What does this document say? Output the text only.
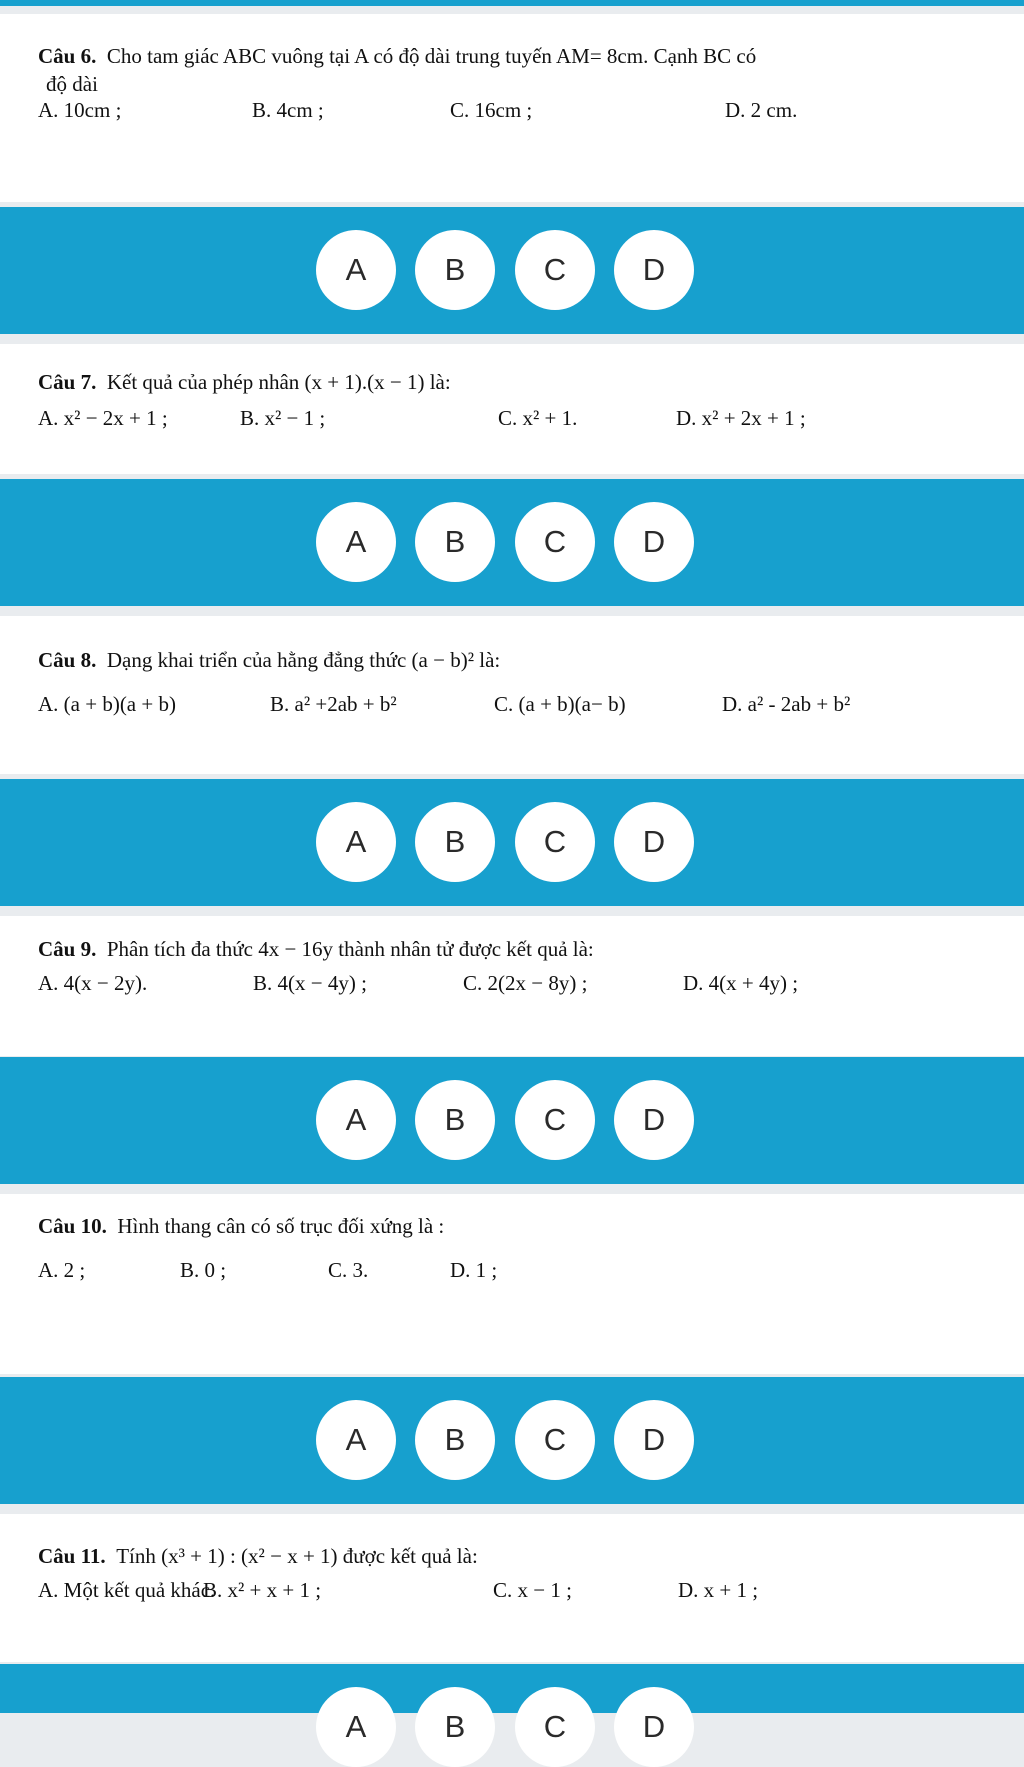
Câu 6. Cho tam giác ABC vuông tại A có độ dài trung tuyến AM= 8cm. Cạnh BC có
độ dài
A. 10cm ;	B. 4cm ;	C. 16cm ;	D. 2 cm.
A	B	C	D
Câu 7. Kết quả của phép nhân (x + 1).(x − 1) là:
A. x² − 2x + 1 ;	B. x² − 1 ;	C. x² + 1.	D. x² + 2x + 1 ;
A	B	C	D
Câu 8. Dạng khai triển của hằng đẳng thức (a − b)² là:
A. (a + b)(a + b)	B. a² +2ab + b²	C. (a + b)(a− b)	D. a² - 2ab + b²
A	B	C	D
Câu 9. Phân tích đa thức 4x − 16y thành nhân tử được kết quả là:
A. 4(x − 2y).	B. 4(x − 4y) ;	C. 2(2x − 8y) ;	D. 4(x + 4y) ;
A	B	C	D
Câu 10. Hình thang cân có số trục đối xứng là :
A. 2 ;	B. 0 ;	C. 3.	D. 1 ;
A	B	C	D
Câu 11. Tính (x³ + 1) : (x² − x + 1) được kết quả là:
A. Một kết quả khác.
B. x² + x + 1 ;	C. x − 1 ;	D. x + 1 ;
A	B	C	D
